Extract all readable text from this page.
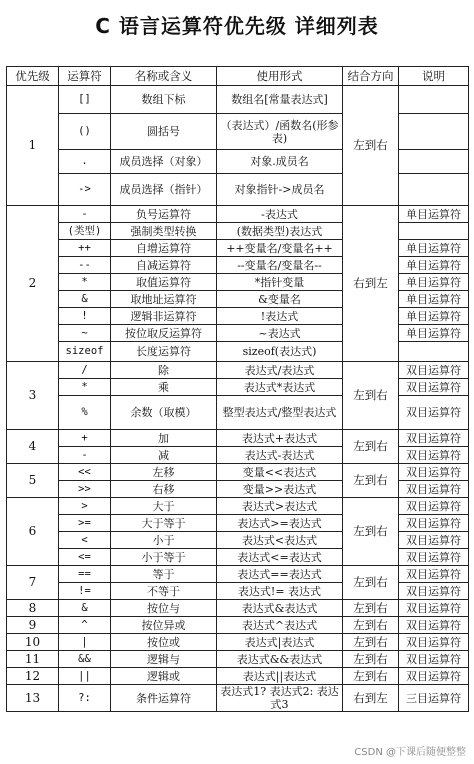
C 语言运算符优先级 详细列表
优先级	运算符	名称或含义	使用形式	结合方向	说明
1	[]	数组下标	数组名[常量表达式]	左到右	
	()	圆括号	（表达式）/函数名(形参表)		
	.	成员选择（对象）	对象.成员名		
	->	成员选择（指针）	对象指针->成员名		
2	-	负号运算符	-表达式	右到左	单目运算符
	(类型)	强制类型转换	(数据类型)表达式		
	++	自增运算符	++变量名/变量名++		单目运算符
	--	自减运算符	--变量名/变量名--		单目运算符
	*	取值运算符	*指针变量		单目运算符
	&	取地址运算符	&变量名		单目运算符
	!	逻辑非运算符	!表达式		单目运算符
	~	按位取反运算符	~表达式		单目运算符
	sizeof	长度运算符	sizeof(表达式)		
3	/	除	表达式/表达式	左到右	双目运算符
	*	乘	表达式*表达式		双目运算符
	%	余数（取模）	整型表达式/整型表达式		双目运算符
4	+	加	表达式+表达式	左到右	双目运算符
	-	减	表达式-表达式		双目运算符
5	<<	左移	变量<<表达式	左到右	双目运算符
	>>	右移	变量>>表达式		双目运算符
6	>	大于	表达式>表达式	左到右	双目运算符
	>=	大于等于	表达式>=表达式		双目运算符
	<	小于	表达式<表达式		双目运算符
	<=	小于等于	表达式<=表达式		双目运算符
7	==	等于	表达式==表达式	左到右	双目运算符
	!=	不等于	表达式!= 表达式		双目运算符
8	&	按位与	表达式&表达式	左到右	双目运算符
9	^	按位异或	表达式^表达式	左到右	双目运算符
10	|	按位或	表达式|表达式	左到右	双目运算符
11	&&	逻辑与	表达式&&表达式	左到右	双目运算符
12	||	逻辑或	表达式||表达式	左到右	双目运算符
13	?:	条件运算符	表达式1? 表达式2: 表达式3	右到左	三目运算符
CSDN @下课后随便整整
